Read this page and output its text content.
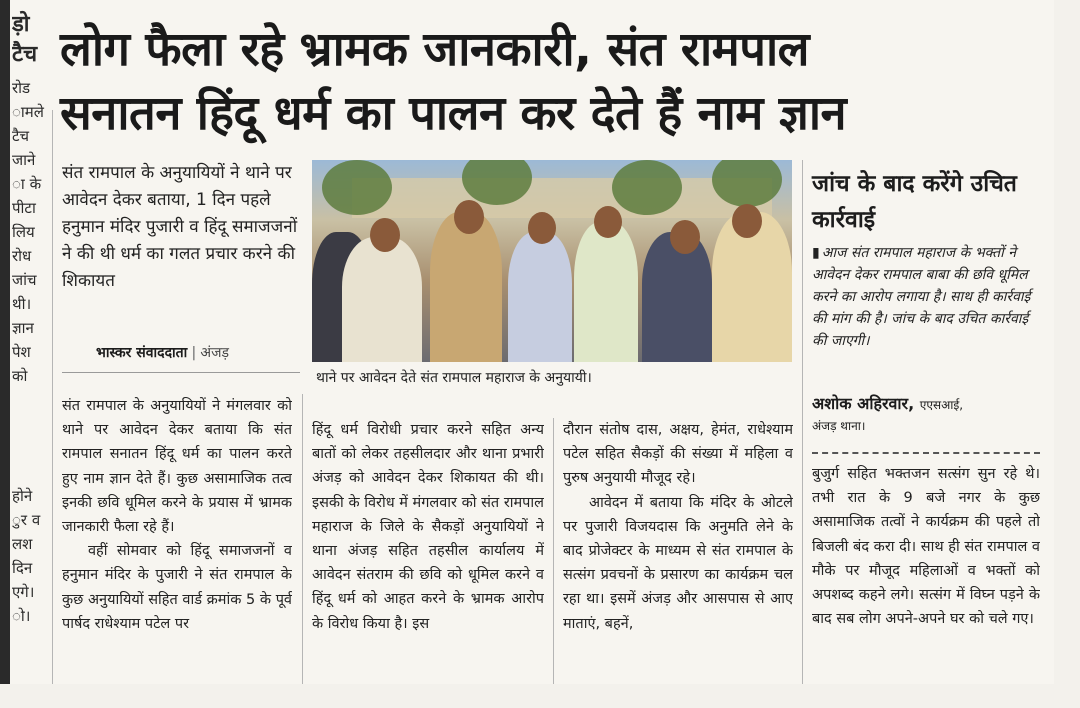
ड़ो
टैच
रोड
ामले
टैच
जाने
ा के
पीटा
लिय
रोध
जांच
थी।
ज्ञान
पेश
को
होने
ुर व
लश
दिन
एगे।
ो।
लोग फैला रहे भ्रामक जानकारी, संत रामपाल
सनातन हिंदू धर्म का पालन कर देते हैं नाम ज्ञान
संत रामपाल के अनुयायियों ने थाने पर आवेदन देकर बताया, 1 दिन पहले हनुमान मंदिर पुजारी व हिंदू समाजजनों ने की थी धर्म का गलत प्रचार करने की शिकायत
भास्कर संवाददाता | अंजड़
थाने पर आवेदन देते संत रामपाल महाराज के अनुयायी।
जांच के बाद करेंगे उचित कार्रवाई
▮ आज संत रामपाल महाराज के भक्तों ने आवेदन देकर रामपाल बाबा की छवि धूमिल करने का आरोप लगाया है। साथ ही कार्रवाई की मांग की है। जांच के बाद उचित कार्रवाई की जाएगी।
अशोक अहिरवार, एएसआई,
अंजड़ थाना।

संत रामपाल के अनुयायियों ने मंगलवार को थाने पर आवेदन देकर बताया कि संत रामपाल सनातन हिंदू धर्म का पालन करते हुए नाम ज्ञान देते हैं। कुछ असामाजिक तत्व इनकी छवि धूमिल करने के प्रयास में भ्रामक जानकारी फैला रहे हैं।

वहीं सोमवार को हिंदू समाजजनों व हनुमान मंदिर के पुजारी ने संत रामपाल के कुछ अनुयायियों सहित वार्ड क्रमांक 5 के पूर्व पार्षद राधेश्याम पटेल पर

हिंदू धर्म विरोधी प्रचार करने सहित अन्य बातों को लेकर तहसीलदार और थाना प्रभारी अंजड़ को आवेदन देकर शिकायत की थी। इसकी के विरोध में मंगलवार को संत रामपाल महाराज के जिले के सैकड़ों अनुयायियों ने थाना अंजड़ सहित तहसील कार्यालय में आवेदन संतराम की छवि को धूमिल करने व हिंदू धर्म को आहत करने के भ्रामक आरोप के विरोध किया है। इस

दौरान संतोष दास, अक्षय, हेमंत, राधेश्याम पटेल सहित सैकड़ों की संख्या में महिला व पुरुष अनुयायी मौजूद रहे।

आवेदन में बताया कि मंदिर के ओटले पर पुजारी विजयदास कि अनुमति लेने के बाद प्रोजेक्टर के माध्यम से संत रामपाल के सत्संग प्रवचनों के प्रसारण का कार्यक्रम चल रहा था। इसमें अंजड़ और आसपास से आए माताएं, बहनें,

बुजुर्ग सहित भक्तजन सत्संग सुन रहे थे। तभी रात के 9 बजे नगर के कुछ असामाजिक तत्वों ने कार्यक्रम की पहले तो बिजली बंद करा दी। साथ ही संत रामपाल व मौके पर मौजूद महिलाओं व भक्तों को अपशब्द कहने लगे। सत्संग में विघ्न पड़ने के बाद सब लोग अपने-अपने घर को चले गए।
